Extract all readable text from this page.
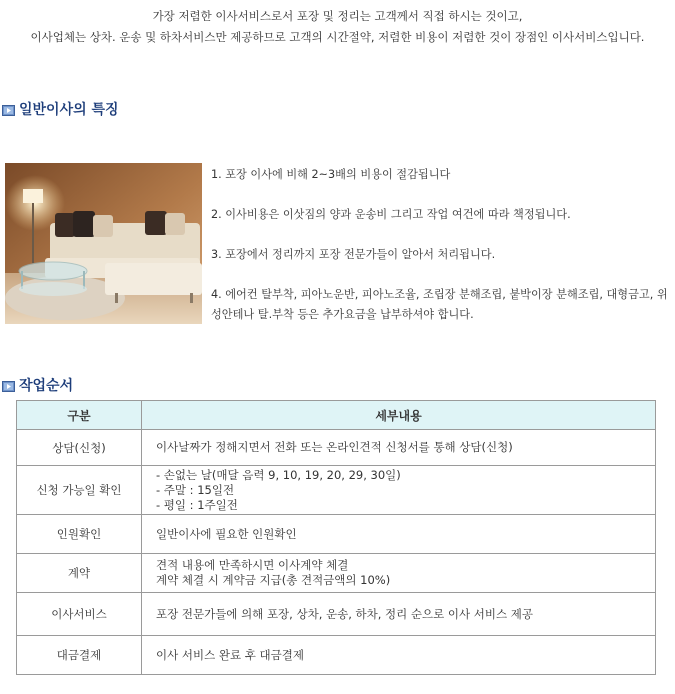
가장 저렴한 이사서비스로서 포장 및 정리는 고객께서 직접 하시는 것이고,

이사업체는 상차. 운송 및 하차서비스만 제공하므로 고객의 시간절약, 저렴한 비용이 저렴한 것이 장점인 이사서비스입니다.

일반이사의 특징

1. 포장 이사에 비해 2~3배의 비용이 절감됩니다

2. 이사비용은 이삿짐의 양과 운송비 그리고 작업 여건에 따라 책정됩니다.

3. 포장에서 정리까지 포장 전문가들이 알아서 처리됩니다.

4. 에어컨 탈부착, 피아노운반, 피아노조율, 조립장 분해조립, 붙박이장 분해조립, 대형금고, 위성안테나 탈.부착 등은 추가요금을 납부하셔야 합니다.

작업순서
구분	세부내용
상담(신청)	이사날짜가 정해지면서 전화 또는 온라인견적 신청서를 통해 상담(신청)

신청 가능일 확인	- 손없는 날(매달 음력 9, 10, 19, 20, 29, 30일)
- 주말 : 15일전
- 평일 : 1주일전

인원확인	일반이사에 필요한 인원확인

계약	견적 내용에 만족하시면 이사계약 체결
계약 체결 시 계약금 지급(총 견적금액의 10%)

이사서비스	포장 전문가들에 의해 포장, 상차, 운송, 하차, 정리 순으로 이사 서비스 제공

대금결제	이사 서비스 완료 후 대금결제
